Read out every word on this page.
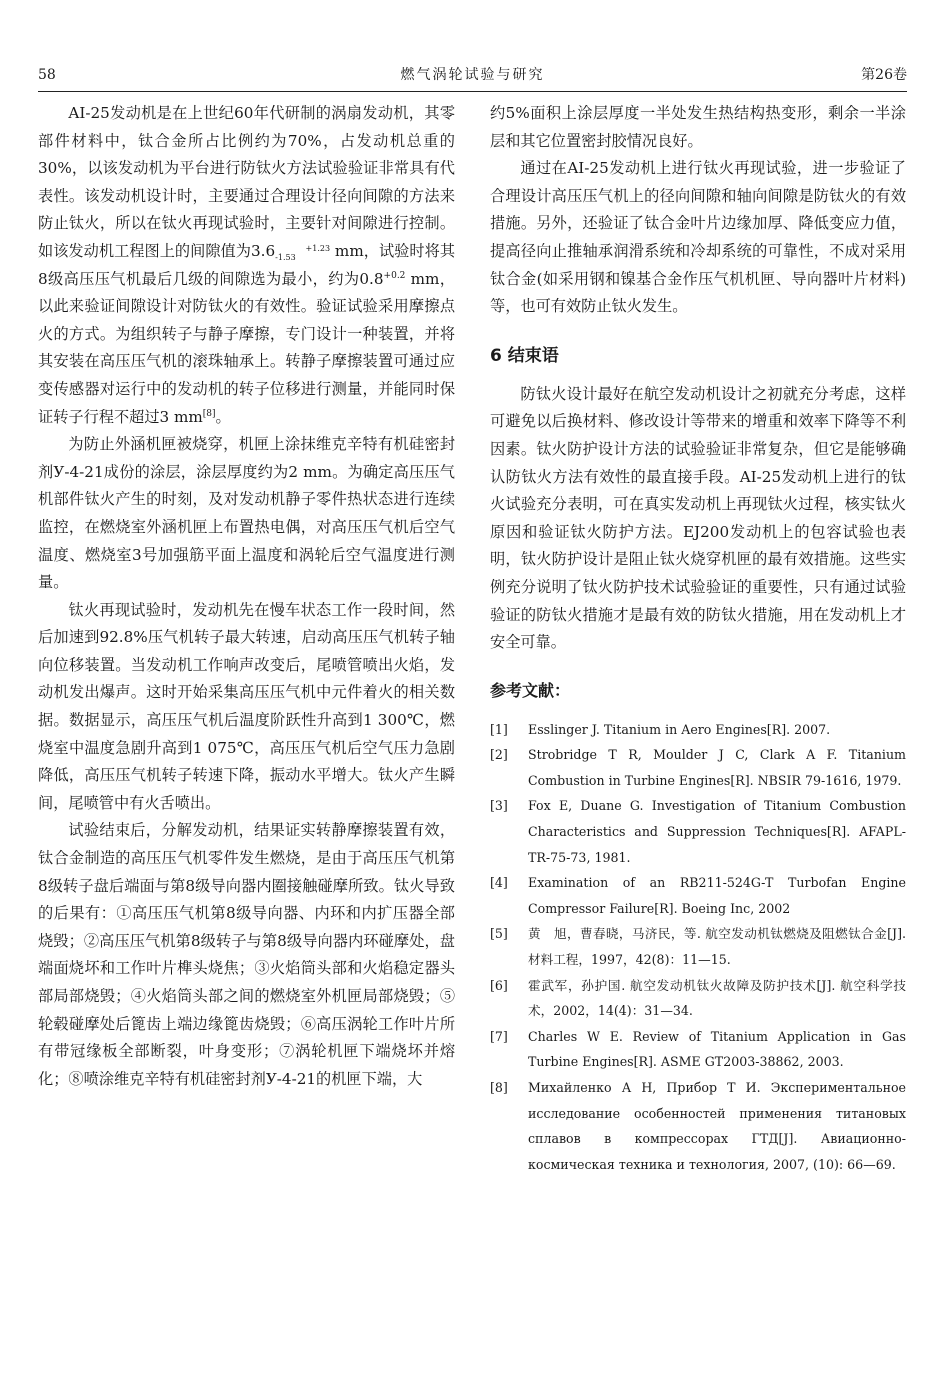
58	燃气涡轮试验与研究	第26卷

AI-25发动机是在上世纪60年代研制的涡扇发动机，其零部件材料中，钛合金所占比例约为70%，占发动机总重的30%，以该发动机为平台进行防钛火方法试验验证非常具有代表性。该发动机设计时，主要通过合理设计径向间隙的方法来防止钛火，所以在钛火再现试验时，主要针对间隙进行控制。如该发动机工程图上的间隙值为3.6	+1.23
-1.53 mm，试验时将其8级高压压气机最后几级的间隙选为最小，约为$0.8^{+0.2}$ mm，以此来验证间隙设计对防钛火的有效性。验证试验采用摩擦点火的方式。为组织转子与静子摩擦，专门设计一种装置，并将其安装在高压压气机的滚珠轴承上。转静子摩擦装置可通过应变传感器对运行中的发动机的转子位移进行测量，并能同时保证转子行程不超过3 mm[8]。

为防止外涵机匣被烧穿，机匣上涂抹维克辛特有机硅密封剂У-4-21成份的涂层，涂层厚度约为2 mm。为确定高压压气机部件钛火产生的时刻，及对发动机静子零件热状态进行连续监控，在燃烧室外涵机匣上布置热电偶，对高压压气机后空气温度、燃烧室3号加强筋平面上温度和涡轮后空气温度进行测量。

钛火再现试验时，发动机先在慢车状态工作一段时间，然后加速到92.8%压气机转子最大转速，启动高压压气机转子轴向位移装置。当发动机工作响声改变后，尾喷管喷出火焰，发动机发出爆声。这时开始采集高压压气机中元件着火的相关数据。数据显示，高压压气机后温度阶跃性升高到1 300℃，燃烧室中温度急剧升高到1 075℃，高压压气机后空气压力急剧降低，高压压气机转子转速下降，振动水平增大。钛火产生瞬间，尾喷管中有火舌喷出。

试验结束后，分解发动机，结果证实转静摩擦装置有效，钛合金制造的高压压气机零件发生燃烧，是由于高压压气机第8级转子盘后端面与第8级导向器内圈接触碰摩所致。钛火导致的后果有：①高压压气机第8级导向器、内环和内扩压器全部烧毁；②高压压气机第8级转子与第8级导向器内环碰摩处，盘端面烧坏和工作叶片榫头烧焦；③火焰筒头部和火焰稳定器头部局部烧毁；④火焰筒头部之间的燃烧室外机匣局部烧毁；⑤轮毂碰摩处后篦齿上端边缘篦齿烧毁；⑥高压涡轮工作叶片所有带冠缘板全部断裂，叶身变形；⑦涡轮机匣下端烧坏并熔化；⑧喷涂维克辛特有机硅密封剂У-4-21的机匣下端，大

约5%面积上涂层厚度一半处发生热结构热变形，剩余一半涂层和其它位置密封胶情况良好。

通过在AI-25发动机上进行钛火再现试验，进一步验证了合理设计高压压气机上的径向间隙和轴向间隙是防钛火的有效措施。另外，还验证了钛合金叶片边缘加厚、降低变应力值，提高径向止推轴承润滑系统和冷却系统的可靠性，不成对采用钛合金(如采用钢和镍基合金作压气机机匣、导向器叶片材料)等，也可有效防止钛火发生。

6 结束语

防钛火设计最好在航空发动机设计之初就充分考虑，这样可避免以后换材料、修改设计等带来的增重和效率下降等不利因素。钛火防护设计方法的试验验证非常复杂，但它是能够确认防钛火方法有效性的最直接手段。AI-25发动机上进行的钛火试验充分表明，可在真实发动机上再现钛火过程，核实钛火原因和验证钛火防护方法。EJ200发动机上的包容试验也表明，钛火防护设计是阻止钛火烧穿机匣的最有效措施。这些实例充分说明了钛火防护技术试验验证的重要性，只有通过试验验证的防钛火措施才是最有效的防钛火措施，用在发动机上才安全可靠。

参考文献：
[1]	Esslinger J. Titanium in Aero Engines[R]. 2007.
[2]	Strobridge T R, Moulder J C, Clark A F. Titanium Combustion in Turbine Engines[R]. NBSIR 79-1616, 1979.
[3]	Fox E, Duane G. Investigation of Titanium Combustion Characteristics and Suppression Techniques[R]. AFAPL-TR-75-73, 1981.
[4]	Examination of an RB211-524G-T Turbofan Engine Compressor Failure[R]. Boeing Inc, 2002
[5]	黄　旭，曹春晓，马济民，等. 航空发动机钛燃烧及阻燃钛合金[J]. 材料工程，1997，42(8)：11—15.
[6]	霍武军，孙护国. 航空发动机钛火故障及防护技术[J]. 航空科学技术，2002，14(4)：31—34.
[7]	Charles W E. Review of Titanium Application in Gas Turbine Engines[R]. ASME GT2003-38862, 2003.
[8]	Михайленко А Н, Прибор Т И. Экспериментальное исследование особенностей применения титановых сплавов в компрессорах ГТД[J]. Авиационно-космическая техника и технология, 2007, (10): 66—69.
